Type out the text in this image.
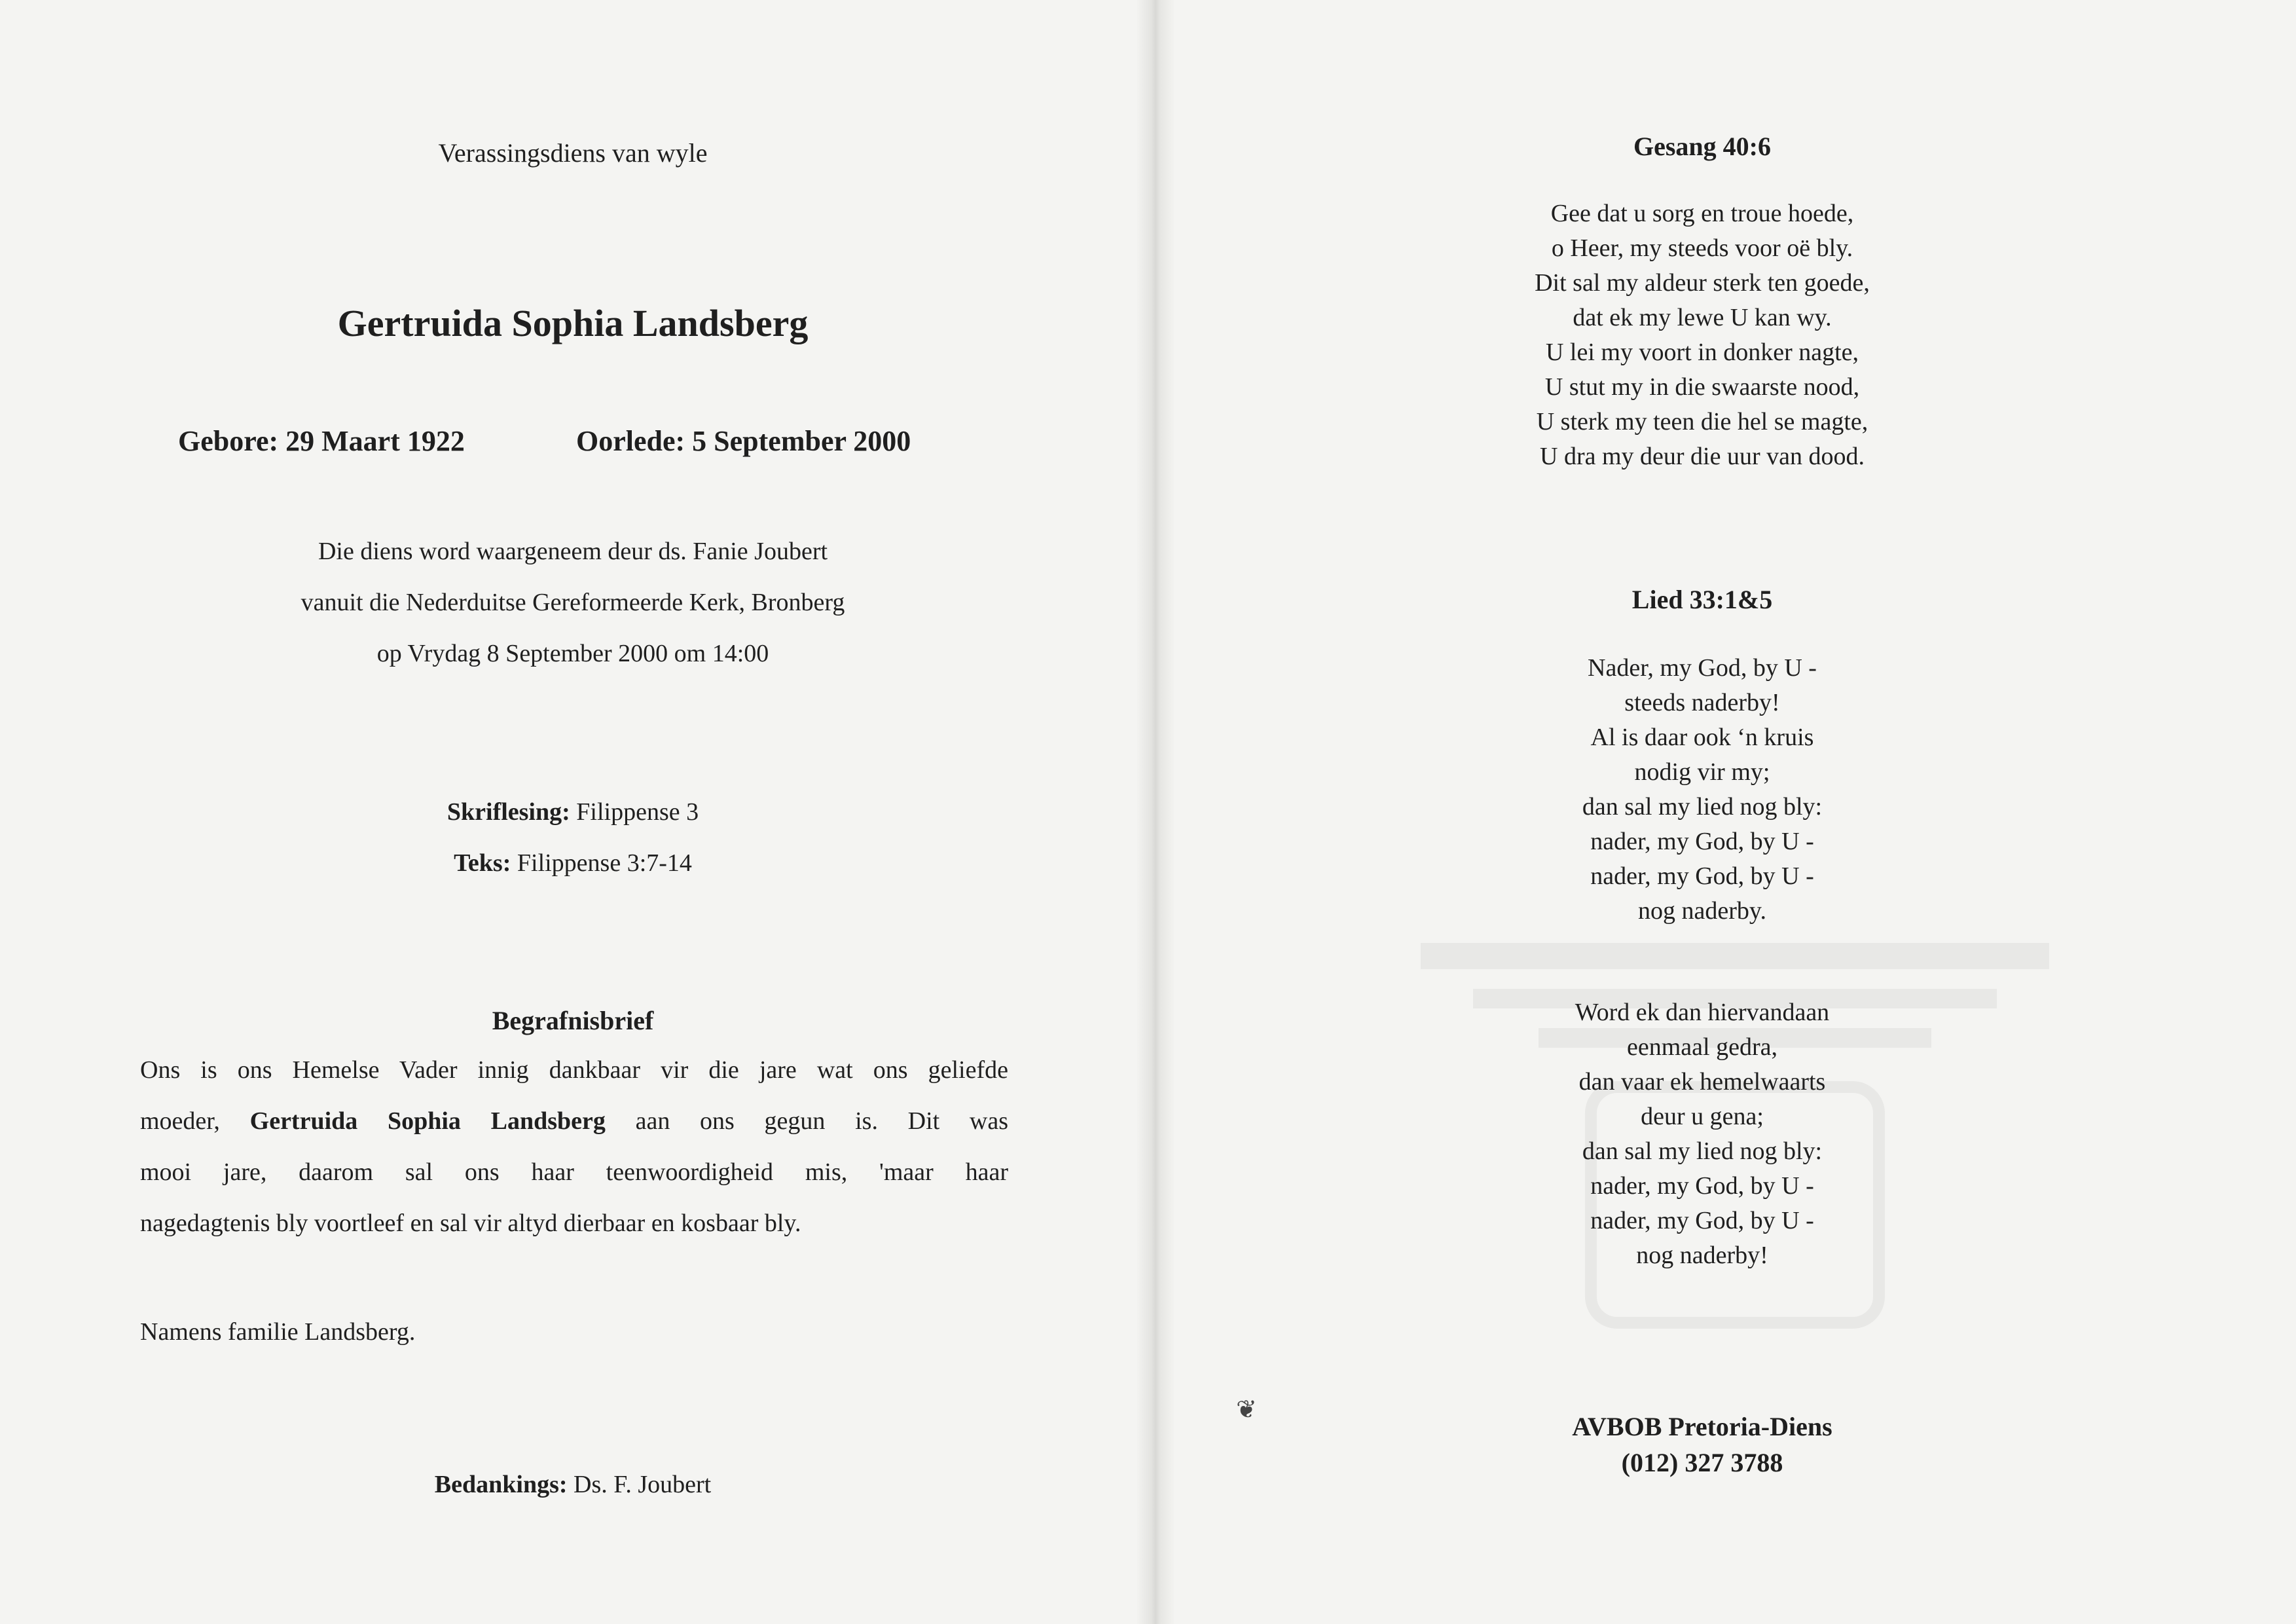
Verassingsdiens van wyle
Gertruida Sophia Landsberg
Gebore: 29 Maart 1922	Oorlede: 5 September 2000
Die diens word waargeneem deur ds. Fanie Joubert
vanuit die Nederduitse Gereformeerde Kerk, Bronberg
op Vrydag 8 September 2000 om 14:00
Skriflesing: Filippense 3
Teks: Filippense 3:7-14
Begrafnisbrief

Ons is ons Hemelse Vader innig dankbaar vir die jare wat ons geliefde

moeder, Gertruida Sophia Landsberg aan ons gegun is. Dit was

mooi jare, daarom sal ons haar teenwoordigheid mis, 'maar haar

nagedagtenis bly voortleef en sal vir altyd dierbaar en kosbaar bly.

Namens familie Landsberg.
Bedankings: Ds. F. Joubert
Gesang 40:6
Gee dat u sorg en troue hoede,
o Heer, my steeds voor oë bly.
Dit sal my aldeur sterk ten goede,
dat ek my lewe U kan wy.
U lei my voort in donker nagte,
U stut my in die swaarste nood,
U sterk my teen die hel se magte,
U dra my deur die uur van dood.
Lied 33:1&5
Nader, my God, by U -
steeds naderby!
Al is daar ook ‘n kruis
nodig vir my;
dan sal my lied nog bly:
nader, my God, by U -
nader, my God, by U -
nog naderby.
Word ek dan hiervandaan
eenmaal gedra,
dan vaar ek hemelwaarts
deur u gena;
dan sal my lied nog bly:
nader, my God, by U -
nader, my God, by U -
nog naderby!
❦
AVBOB Pretoria-Diens
(012) 327 3788
